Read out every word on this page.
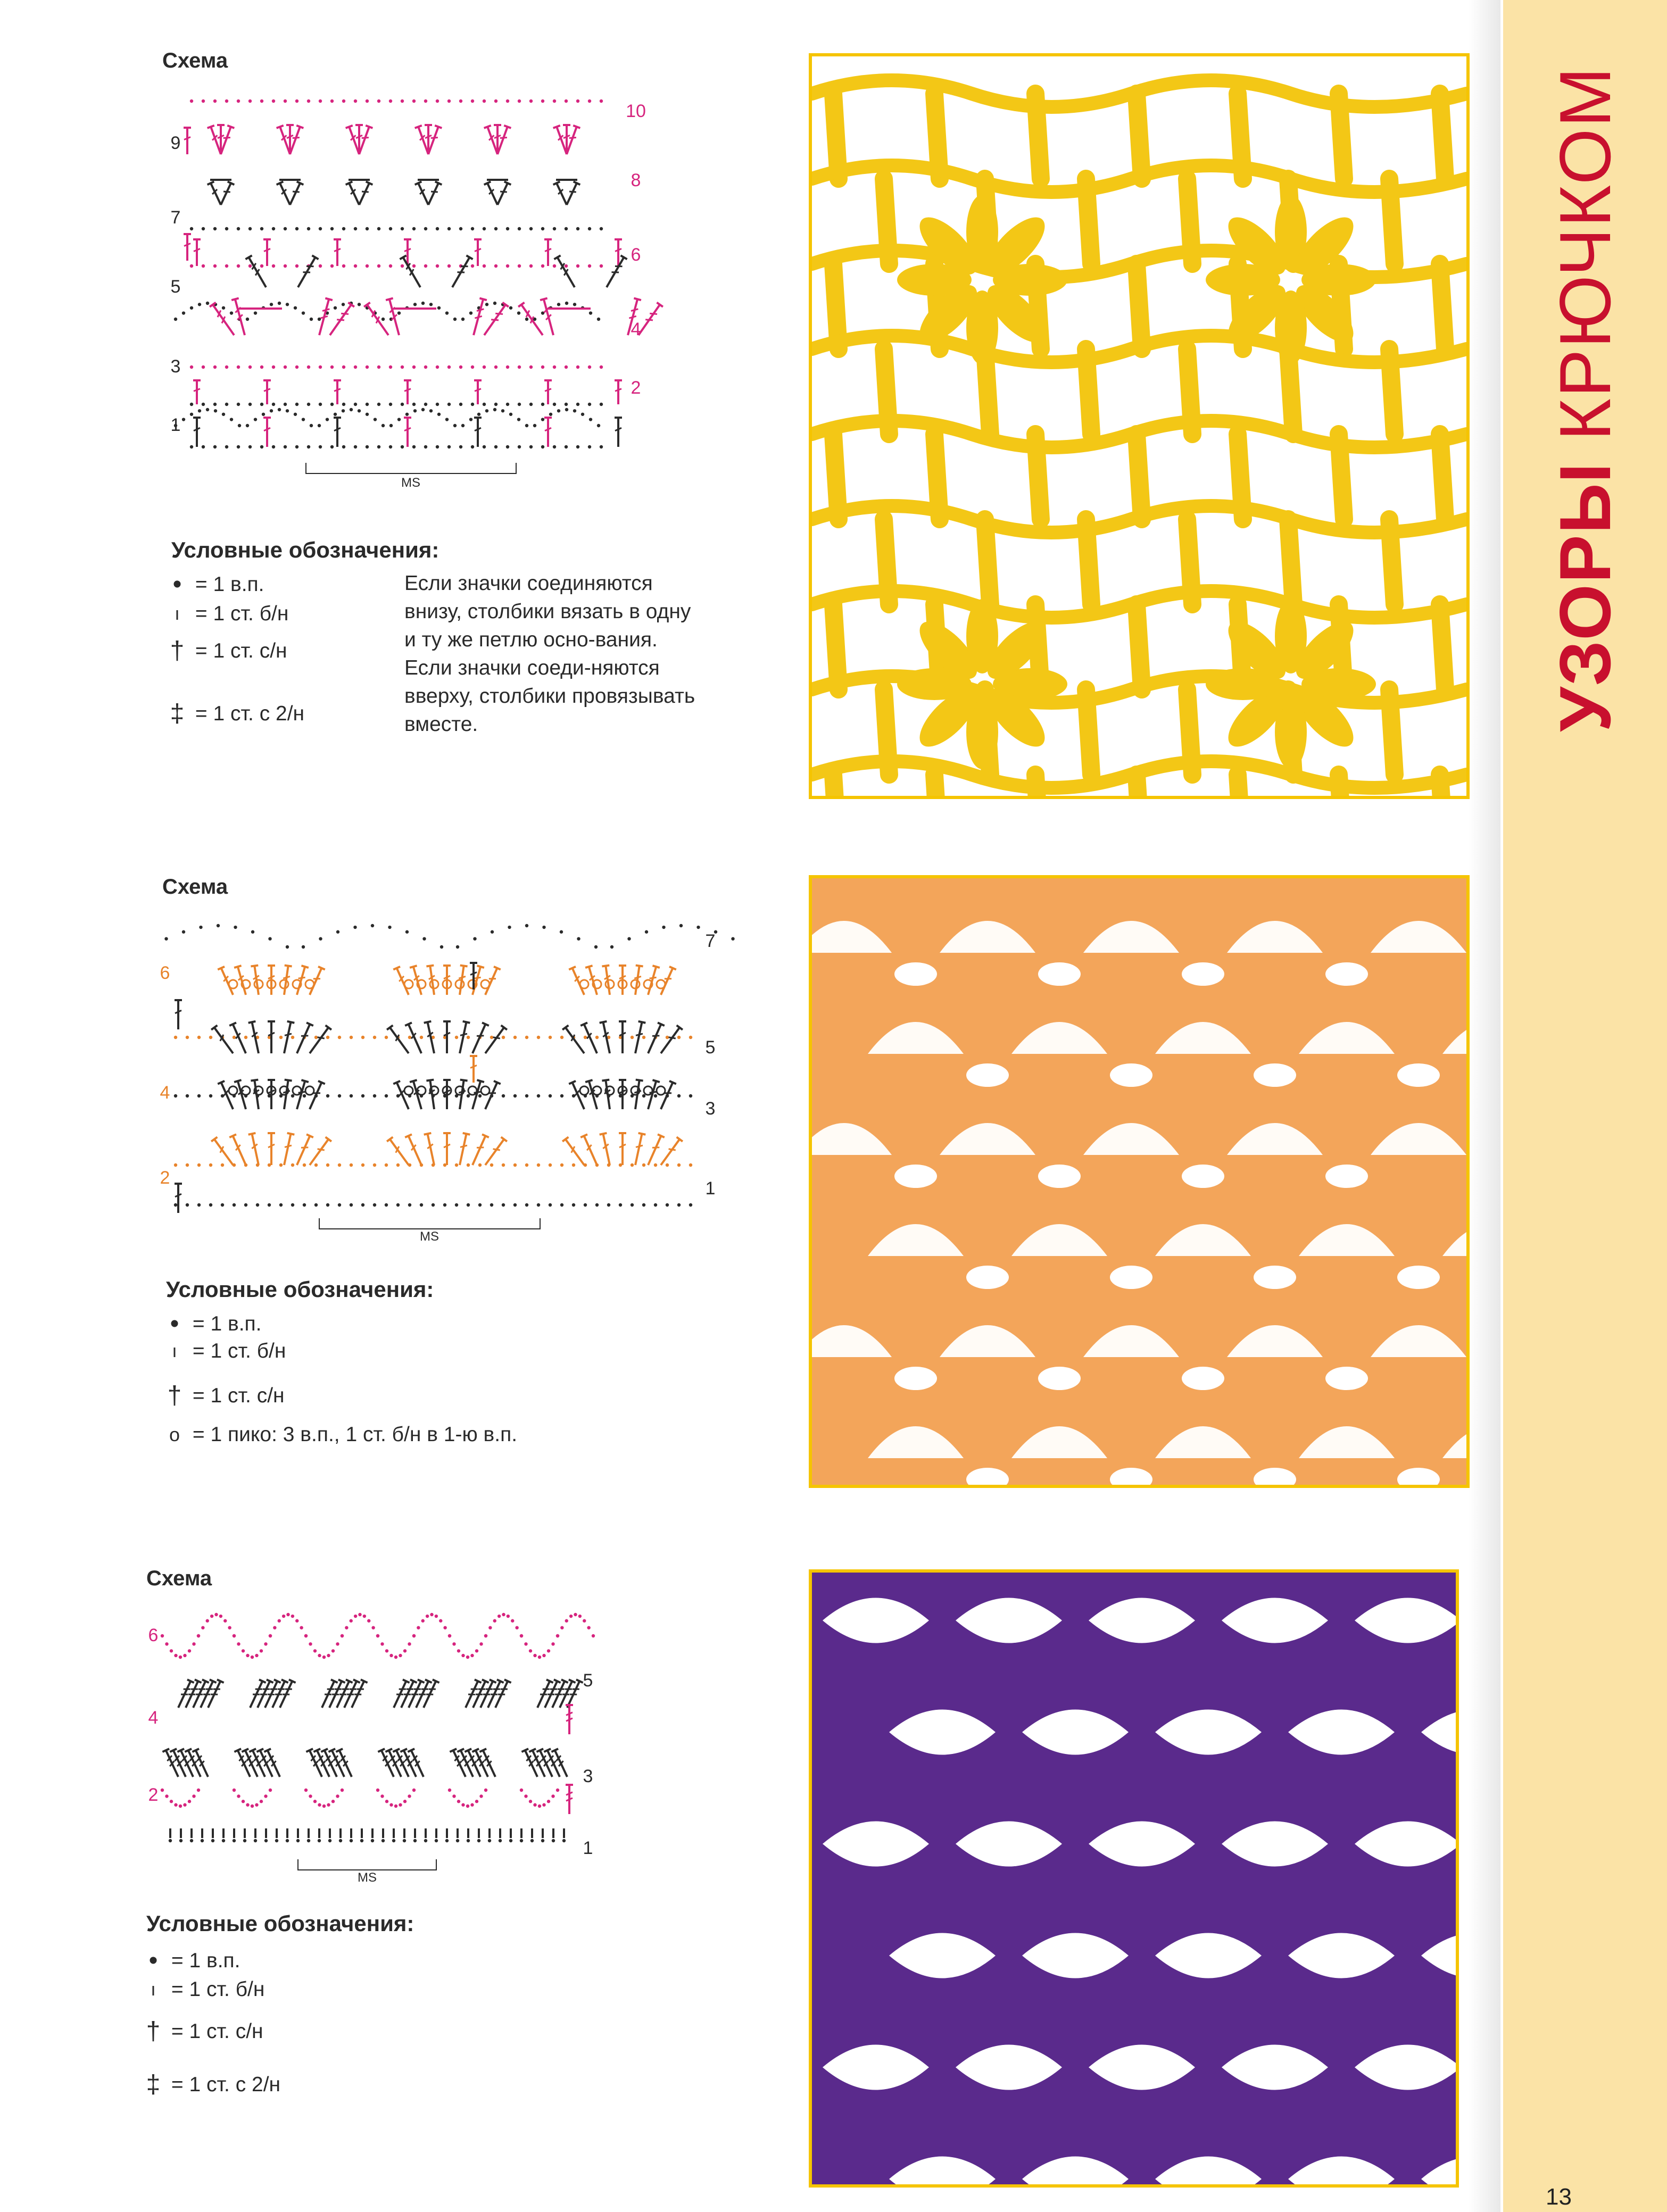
УЗОРЫ КРЮЧКОМ
13
Схема
9
7
5
3
1
10
8
6
4
2
MS
Условные обозначения:
•
= 1 в.п.
ı
= 1 ст. б/н
†
= 1 ст. с/н
‡
= 1 ст. с 2/н
Если значки соединяются внизу, столбики вязать в одну и ту же петлю осно-вания. Если значки соеди-няются вверху, столбики провязывать вместе.
Схема
6
4
2
7
5
3
1
MS
Условные обозначения:
•
= 1 в.п.
ı
= 1 ст. б/н
†
= 1 ст. с/н
o
= 1 пико: 3 в.п., 1 ст. б/н в 1-ю в.п.
Схема
6
4
2
5
3
1
MS
Условные обозначения:
•
= 1 в.п.
ı
= 1 ст. б/н
†
= 1 ст. с/н
‡
= 1 ст. с 2/н
